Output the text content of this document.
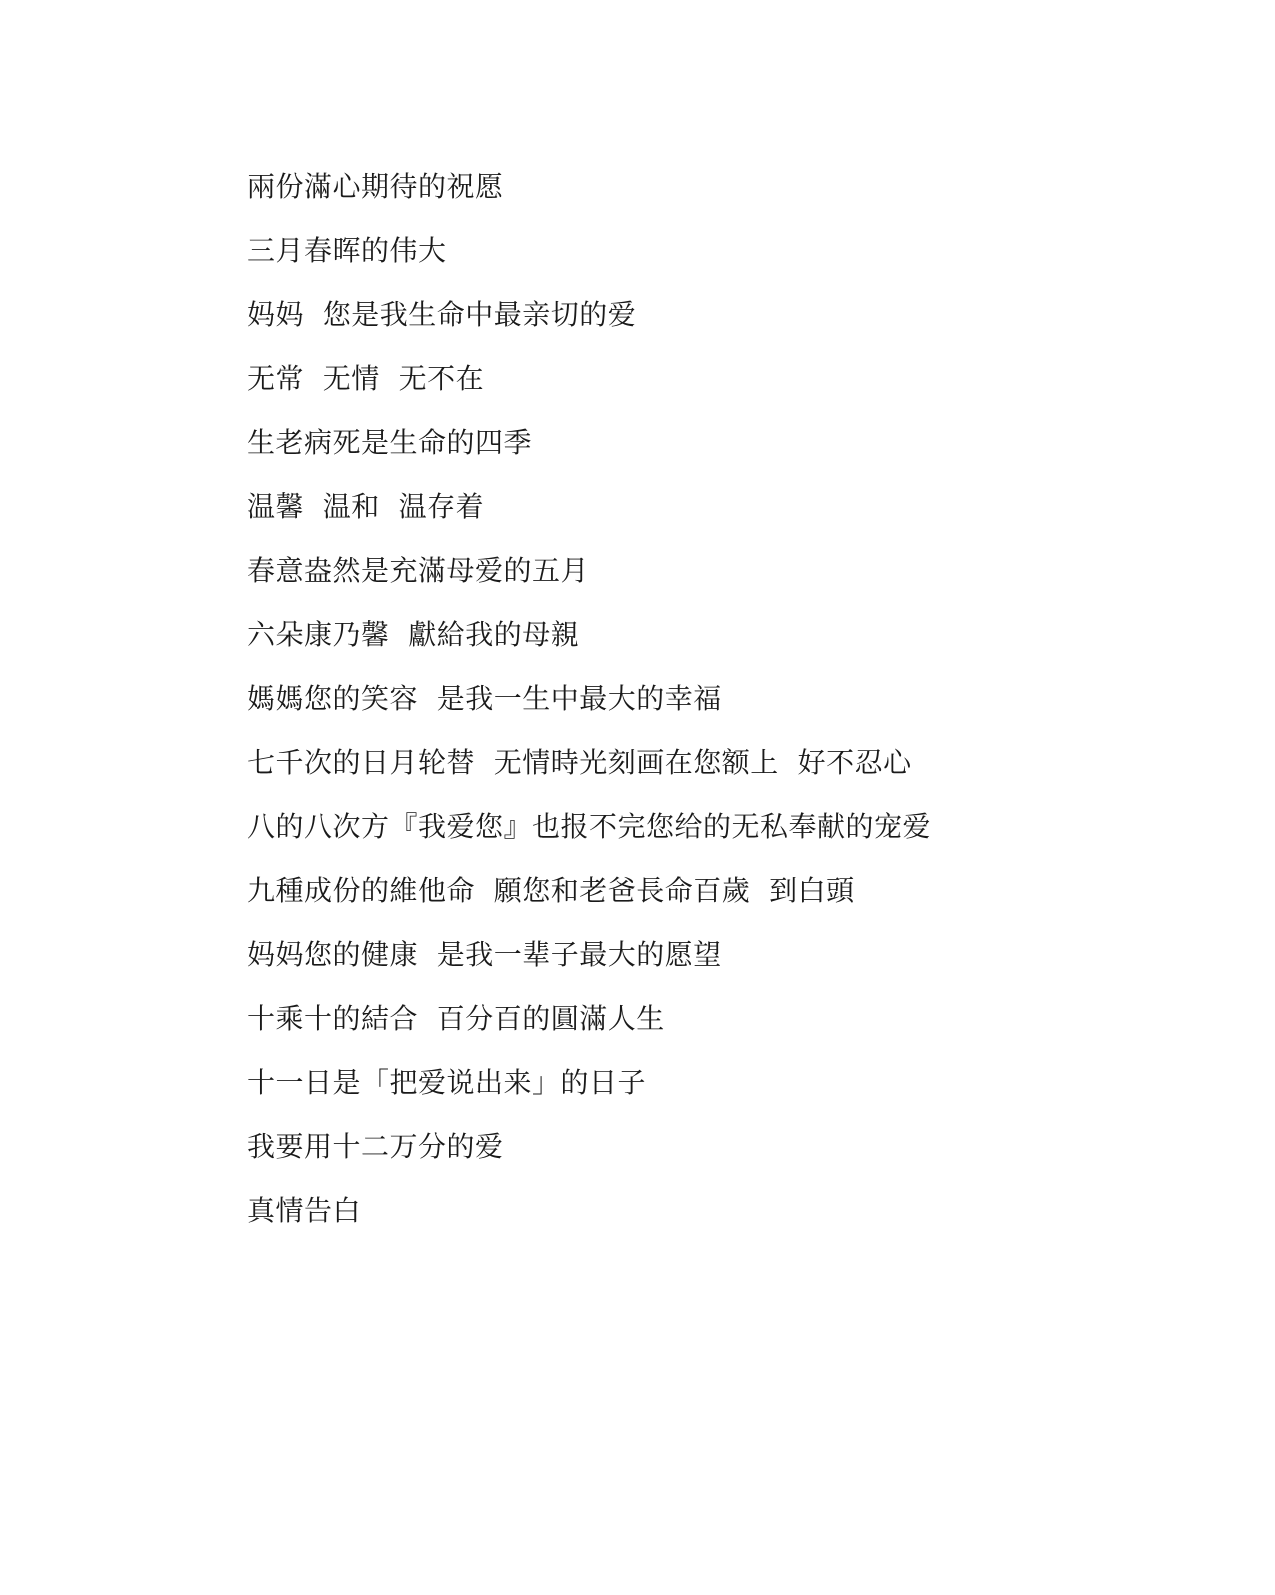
兩份滿心期待的祝愿
三月春晖的伟大
妈妈  您是我生命中最亲切的爱
无常  无情  无不在
生老病死是生命的四季
温馨  温和  温存着
春意盎然是充滿母爱的五月
六朵康乃馨  獻給我的母親
媽媽您的笑容  是我一生中最大的幸福
七千次的日月轮替  无情時光刻画在您额上  好不忍心
八的八次方『我爱您』也报不完您给的无私奉献的宠爱
九種成份的維他命  願您和老爸長命百歲  到白頭
妈妈您的健康  是我一辈子最大的愿望
十乘十的結合  百分百的圓滿人生
十一日是「把爱说出来」的日子
我要用十二万分的爱
真情告白
